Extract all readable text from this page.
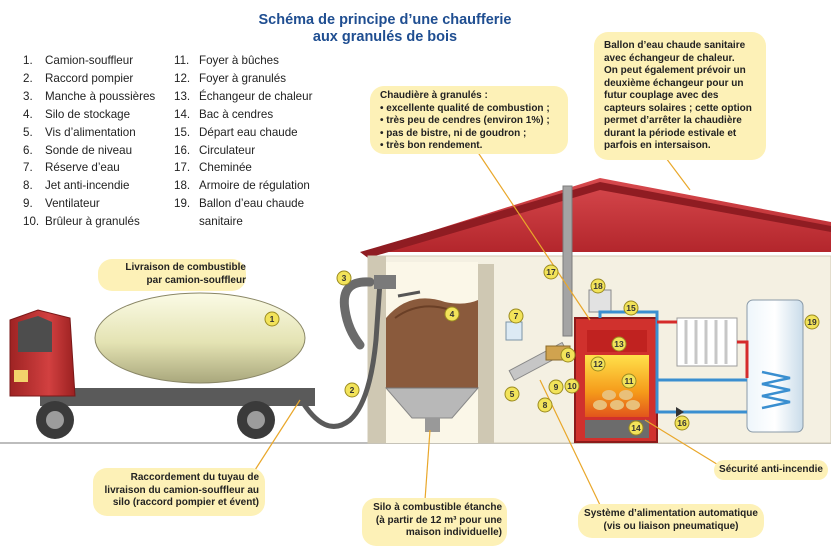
Schéma de principe d’une chaufferie
aux granulés de bois
1.	Camion-souffleur
2.	Raccord pompier
3.	Manche à poussières
4.	Silo de stockage
5.	Vis d’alimentation
6.	Sonde de niveau
7.	Réserve d’eau
8.	Jet anti-incendie
9.	Ventilateur
10. Brûleur à granulés
11. Foyer à bûches
12. Foyer à granulés
13. Échangeur de chaleur
14. Bac à cendres
15. Départ eau chaude
16. Circulateur
17. Cheminée
18. Armoire de régulation
19. Ballon d’eau chaude
sanitaire
1
2
3
4
5
6
7
8
9 10	11
12
13
14
15
16
17
18
19
Chaudière à granulés :
• excellente qualité de combustion ;
• très peu de cendres (environ 1%) ;
• pas de bistre, ni de goudron ;
• très bon rendement.
Ballon d’eau chaude sanitaire
avec échangeur de chaleur.
On peut également prévoir un
deuxième échangeur pour un
futur couplage avec des
capteurs solaires ; cette option
permet d’arrêter la chaudière
durant la période estivale et
parfois en intersaison.
Livraison de combustible
par camion-souffleur
Raccordement du tuyau de
livraison du camion-souffleur au
silo (raccord pompier et évent)	Silo à combustible étanche
(à partir de 12 m³ pour une
maison individuelle)
Système d’alimentation automatique
(vis ou liaison pneumatique)
Sécurité anti-incendie
